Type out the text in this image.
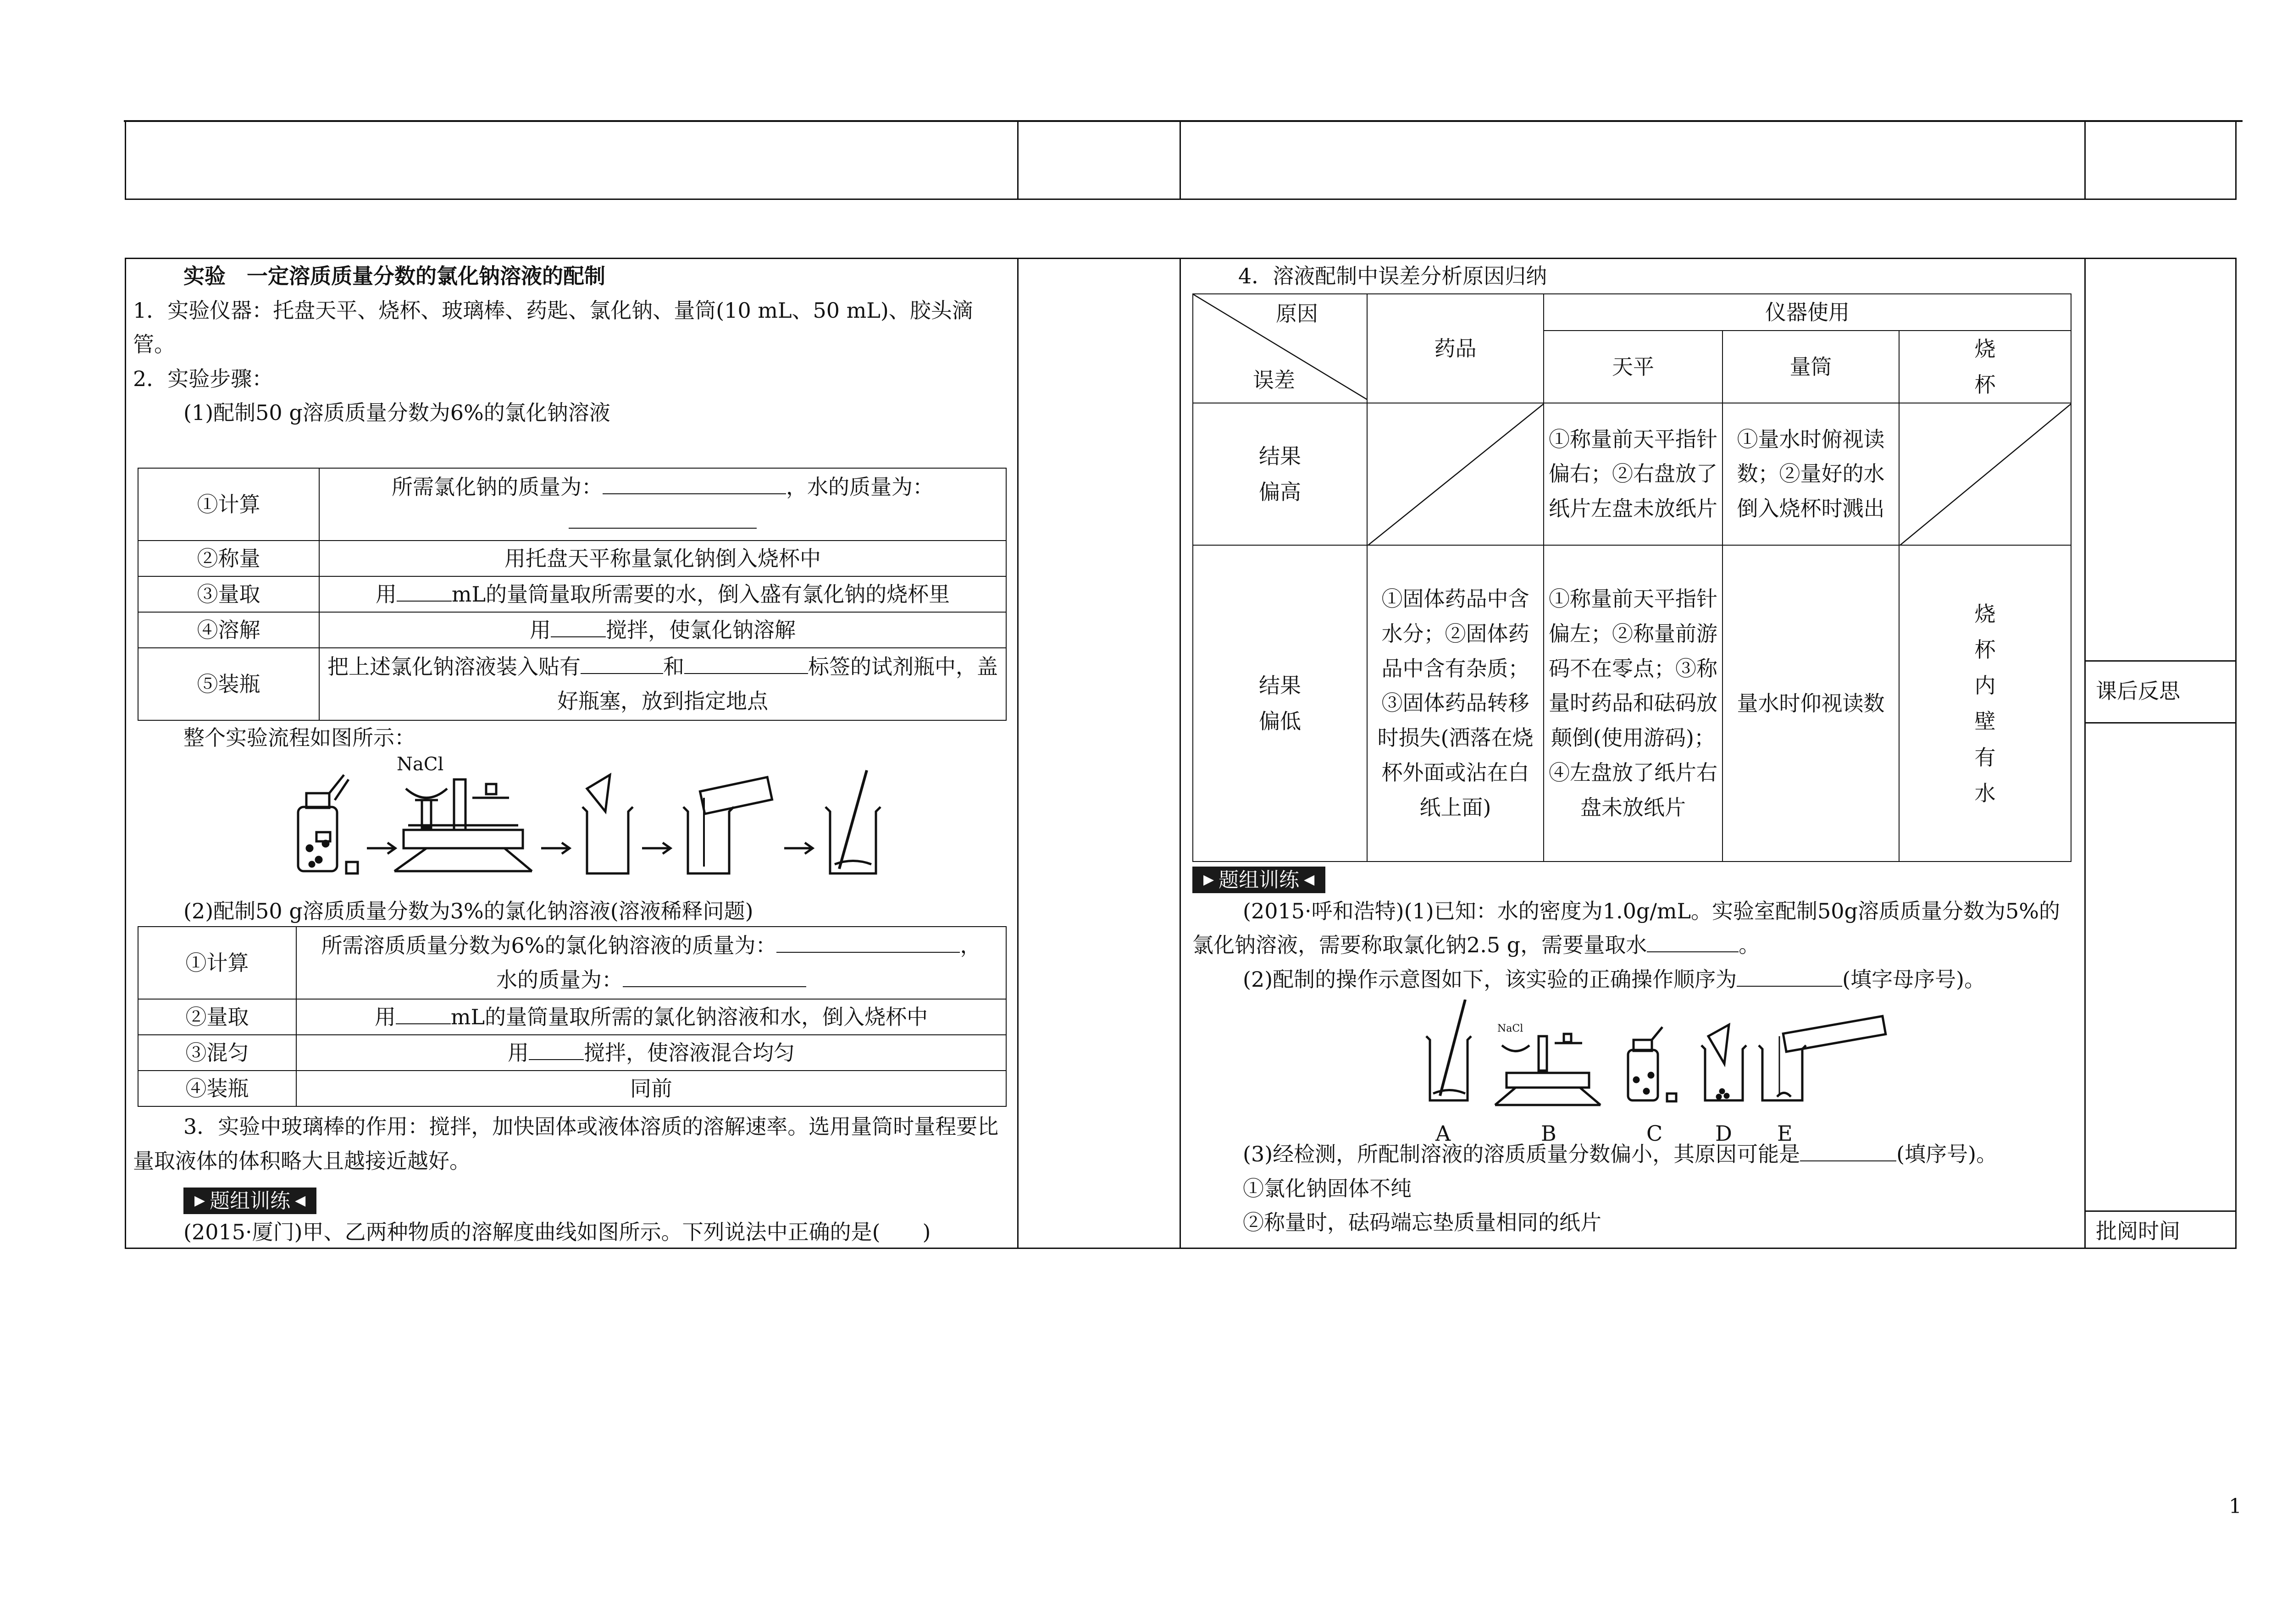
课后反思
批阅时间

实验　一定溶质质量分数的氯化钠溶液的配制

1．实验仪器：托盘天平、烧杯、玻璃棒、药匙、氯化钠、量筒(10 mL、50 mL)、胶头滴管。

2．实验步骤：

(1)配制50 g溶质质量分数为6%的氯化钠溶液

①计算	所需氯化钠的质量为： ，水的质量为：

②称量	用托盘天平称量氯化钠倒入烧杯中
③量取	用 mL的量筒量取所需要的水，倒入盛有氯化钠的烧杯里
④溶解	用 搅拌，使氯化钠溶解
⑤装瓶	把上述氯化钠溶液装入贴有 和 标签的试剂瓶中，盖好瓶塞，放到指定地点
整个实验流程如图所示：
NaCl
(2)配制50 g溶质质量分数为3%的氯化钠溶液(溶液稀释问题)
①计算	所需溶质质量分数为6%的氯化钠溶液的质量为： ，
水的质量为：
②量取	用 mL的量筒量取所需的氯化钠溶液和水，倒入烧杯中
③混匀	用 搅拌，使溶液混合均匀
④装瓶	同前

3．实验中玻璃棒的作用：搅拌，加快固体或液体溶质的溶解速率。选用量筒时量程要比量取液体的体积略大且越接近越好。

▶ 题组训练 ◀

(2015·厦门)甲、乙两种物质的溶解度曲线如图所示。下列说法中正确的是(　　)

4．溶液配制中误差分析原因归纳
原因
误差	药品	仪器使用		
		天平	量筒	烧杯
结果偏高		①称量前天平指针偏右；②右盘放了纸片左盘未放纸片	①量水时俯视读数；②量好的水倒入烧杯时溅出	

结果偏低	①固体药品中含水分；②固体药品中含有杂质；③固体药品转移时损失(洒落在烧杯外面或沾在白纸上面)	①称量前天平指针偏左；②称量前游码不在零点；③称量时药品和砝码放颠倒(使用游码)；④左盘放了纸片右盘未放纸片	量水时仰视读数	烧杯内壁有水

▶ 题组训练 ◀

(2015·呼和浩特)(1)已知：水的密度为1.0g/mL。实验室配制50g溶质质量分数为5%的氯化钠溶液，需要称取氯化钠2.5 g，需要量取水	。

(2)配制的操作示意图如下，该实验的正确操作顺序为	(填字母序号)。

NaCl
A	B	C D E

(3)经检测，所配制溶液的溶质质量分数偏小，其原因可能是	(填序号)。

①氯化钠固体不纯

②称量时，砝码端忘垫质量相同的纸片

1
